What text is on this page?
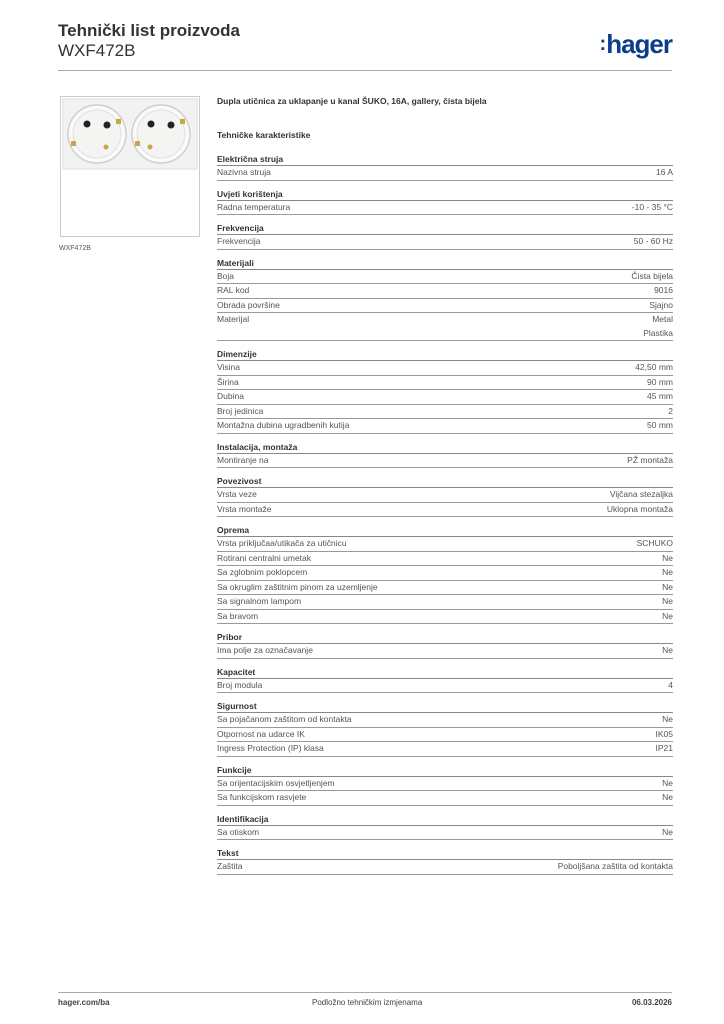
Tehnički list proizvoda
WXF472B	:hager
WXF472B
Dupla utičnica za uklapanje u kanal ŠUKO, 16A, gallery, čista bijela
Tehničke karakteristike
Električna struja
Nazivna struja	16 A
Uvjeti korištenja
Radna temperatura	-10 - 35 °C
Frekvencija
Frekvencija	50 - 60 Hz
Materijali
Boja	Čista bijela
RAL kod	9016
Obrada površine	Sjajno
Materijal	Metal
Plastika
Dimenzije
Visina	42,50 mm
Širina	90 mm
Dubina	45 mm
Broj jedinica	2
Montažna dubina ugradbenih kutija	50 mm
Instalacija, montaža
Montiranje na	PŽ montaža
Povezivost
Vrsta veze	Vijčana stezaljka
Vrsta montaže	Uklopna montaža
Oprema
Vrsta priključaa/utikača za utičnicu	SCHUKO
Rotirani centralni umetak	Ne
Sa zglobnim poklopcem	Ne
Sa okruglim zaštitnim pinom za uzemljenje	Ne
Sa signalnom lampom	Ne
Sa bravom	Ne
Pribor
Ima polje za označavanje	Ne
Kapacitet
Broj modula	4
Sigurnost
Sa pojačanom zaštitom od kontakta	Ne
Otpornost na udarce IK	IK05
Ingress Protection (IP) klasa	IP21
Funkcije
Sa orijentacijskim osvjetljenjem	Ne
Sa funkcijskom rasvjete	Ne
Identifikacija
Sa otiskom	Ne
Tekst
Zaštita	Poboljšana zaštita od kontakta
hager.com/ba	Podložno tehničkim izmjenama	06.03.2026
